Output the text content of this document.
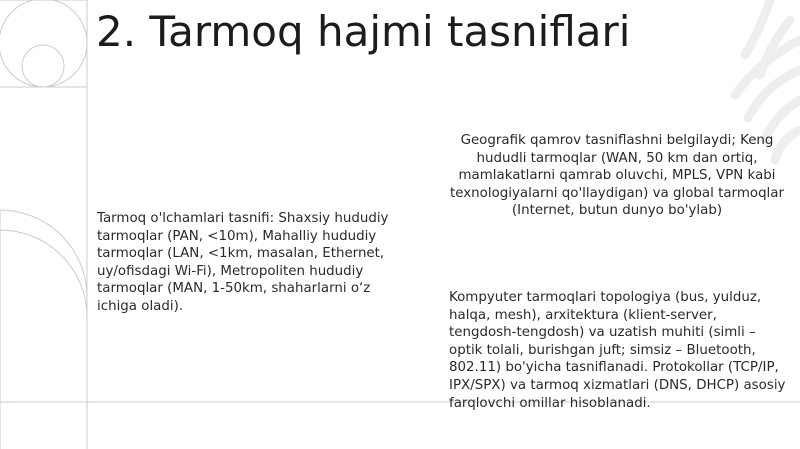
2. Tarmoq hajmi tasniflari

Tarmoq o'lchamlari tasnifi: Shaxsiy hududiy tarmoqlar (PAN, <10m), Mahalliy hududiy tarmoqlar (LAN, <1km, masalan, Ethernet, uy/ofisdagi Wi-Fi), Metropoliten hududiy tarmoqlar (MAN, 1-50km, shaharlarni o‘z ichiga oladi).

Geografik qamrov tasniflashni belgilaydi; Keng hududli tarmoqlar (WAN, 50 km dan ortiq, mamlakatlarni qamrab oluvchi, MPLS, VPN kabi texnologiyalarni qo'llaydigan) va global tarmoqlar (Internet, butun dunyo bo'ylab)

Kompyuter tarmoqlari topologiya (bus, yulduz, halqa, mesh), arxitektura (klient-server, tengdosh-tengdosh) va uzatish muhiti (simli – optik tolali, burishgan juft; simsiz – Bluetooth, 802.11) bo'yicha tasniflanadi. Protokollar (TCP/IP, IPX/SPX) va tarmoq xizmatlari (DNS, DHCP) asosiy farqlovchi omillar hisoblanadi.
